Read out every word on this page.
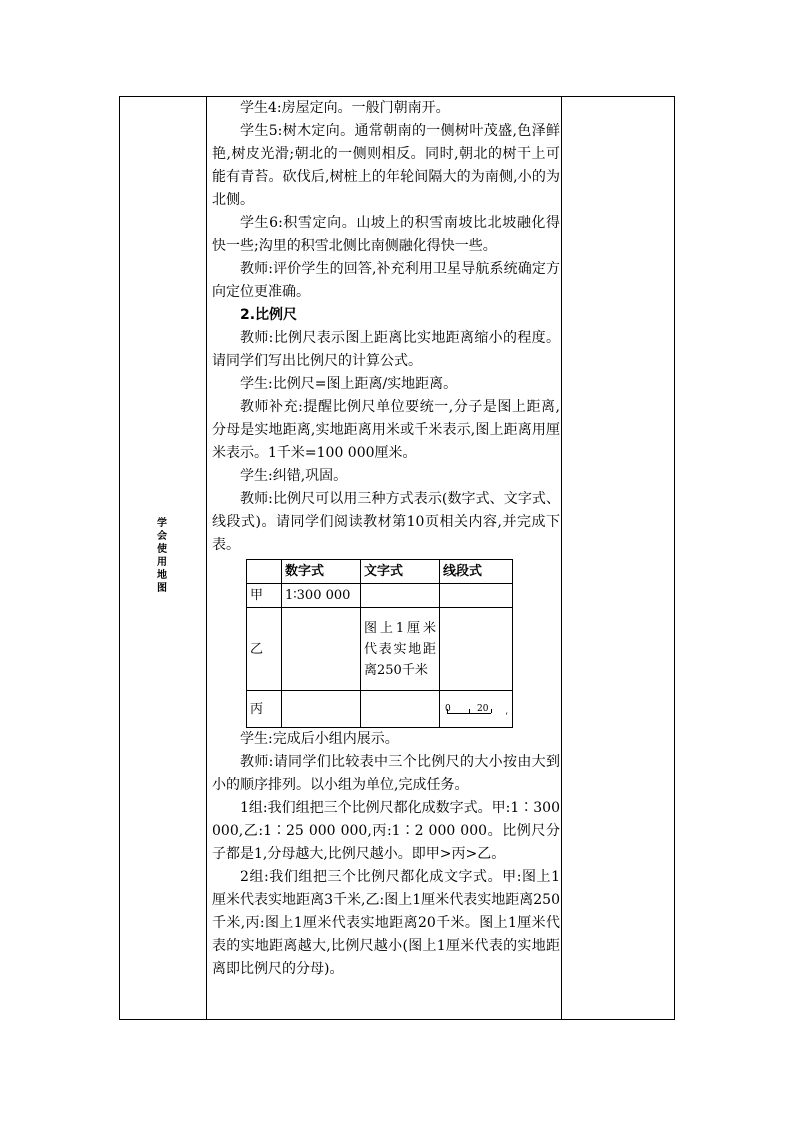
学会使用地图

学生4:房屋定向。一般门朝南开。

学生5:树木定向。通常朝南的一侧树叶茂盛,色泽鲜艳,树皮光滑;朝北的一侧则相反。同时,朝北的树干上可能有青苔。砍伐后,树桩上的年轮间隔大的为南侧,小的为北侧。

学生6:积雪定向。山坡上的积雪南坡比北坡融化得快一些;沟里的积雪北侧比南侧融化得快一些。

教师:评价学生的回答,补充利用卫星导航系统确定方向定位更准确。

2.比例尺

教师:比例尺表示图上距离比实地距离缩小的程度。请同学们写出比例尺的计算公式。

学生:比例尺=图上距离/实地距离。

教师补充:提醒比例尺单位要统一,分子是图上距离,分母是实地距离,实地距离用米或千米表示,图上距离用厘米表示。1千米=100 000厘米。

学生:纠错,巩固。

教师:比例尺可以用三种方式表示(数字式、文字式、线段式)。请同学们阅读教材第10页相关内容,并完成下表。

	数字式	文字式	线段式
甲	1∶300 000		
乙		图上1厘米代表实地距离250千米	
丙			0 20
‘

学生:完成后小组内展示。

教师:请同学们比较表中三个比例尺的大小按由大到小的顺序排列。以小组为单位,完成任务。

1组:我们组把三个比例尺都化成数字式。甲:1∶300 000,乙:1∶25 000 000,丙:1∶2 000 000。比例尺分子都是1,分母越大,比例尺越小。即甲>丙>乙。

2组:我们组把三个比例尺都化成文字式。甲:图上1厘米代表实地距离3千米,乙:图上1厘米代表实地距离250千米,丙:图上1厘米代表实地距离20千米。图上1厘米代表的实地距离越大,比例尺越小(图上1厘米代表的实地距离即比例尺的分母)。
